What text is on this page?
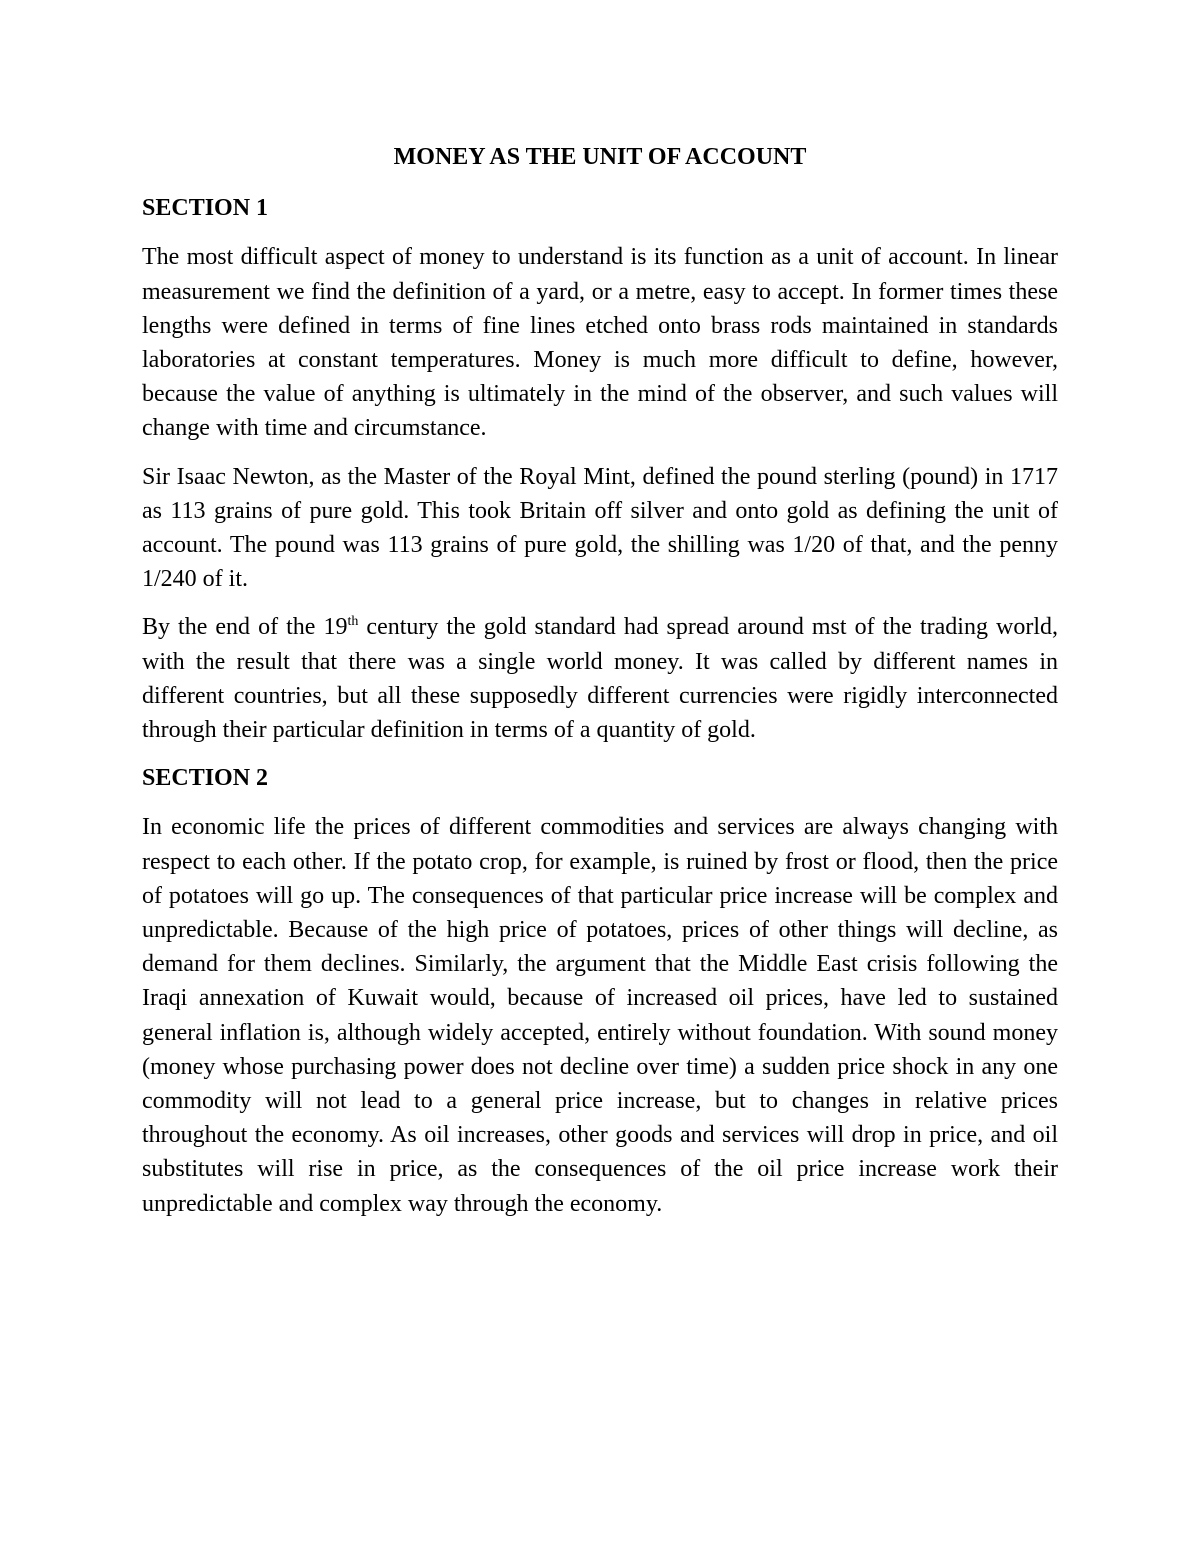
MONEY AS THE UNIT OF ACCOUNT
SECTION 1

The most difficult aspect of money to understand is its function as a unit of account. In linear measurement we find the definition of a yard, or a metre, easy to accept. In former times these lengths were defined in terms of fine lines etched onto brass rods maintained in standards laboratories at constant temperatures. Money is much more difficult to define, however, because the value of anything is ultimately in the mind of the observer, and such values will change with time and circumstance.

Sir Isaac Newton, as the Master of the Royal Mint, defined the pound sterling (pound) in 1717 as 113 grains of pure gold. This took Britain off silver and onto gold as defining the unit of account. The pound was 113 grains of pure gold, the shilling was 1/20 of that, and the penny 1/240 of it.

By the end of the 19th century the gold standard had spread around mst of the trading world, with the result that there was a single world money. It was called by different names in different countries, but all these supposedly different currencies were rigidly interconnected through their particular definition in terms of a quantity of gold.

SECTION 2

In economic life the prices of different commodities and services are always changing with respect to each other. If the potato crop, for example, is ruined by frost or flood, then the price of potatoes will go up. The consequences of that particular price increase will be complex and unpredictable. Because of the high price of potatoes, prices of other things will decline, as demand for them declines. Similarly, the argument that the Middle East crisis following the Iraqi annexation of Kuwait would, because of increased oil prices, have led to sustained general inflation is, although widely accepted, entirely without foundation. With sound money (money whose purchasing power does not decline over time) a sudden price shock in any one commodity will not lead to a general price increase, but to changes in relative prices throughout the economy. As oil increases, other goods and services will drop in price, and oil substitutes will rise in price, as the consequences of the oil price increase work their unpredictable and complex way through the economy.
